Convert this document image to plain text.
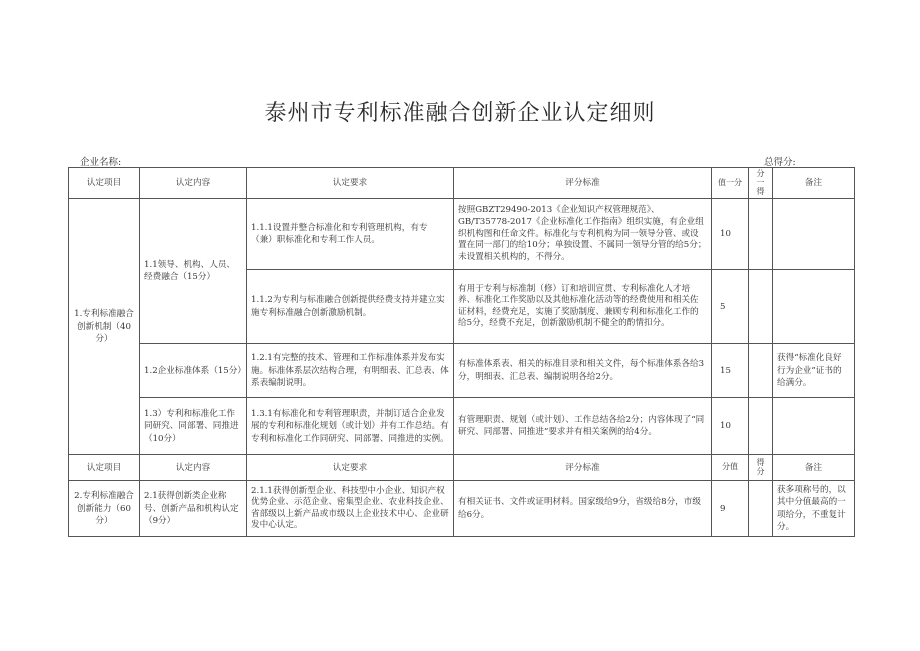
泰州市专利标准融合创新企业认定细则
企业名称:	总得分:
认定项目	认定内容	认定要求	评分标准	值一分	分一得	备注
1.专利标准融合创新机制（40分）	1.1领导、机构、人员、经费融合（15分）	1.1.1设置并整合标准化和专利管理机构，有专（兼）职标准化和专利工作人员。	按照GBZT29490-2013《企业知识产权管理规范》、GB/T35778-2017《企业标准化工作指南》组织实施，有企业组织机构图和任命文件。标准化与专利机构为同一领导分管、或设置在同一部门的给10分；单独设置、不属同一领导分管的给5分；未设置相关机构的，不得分。	10		
		1.1.2为专利与标准融合创新提供经费支持并建立实施专利标准融合创新激励机制。	有用于专利与标准制（修）订和培训宣贯、专利标准化人才培养、标准化工作奖励以及其他标准化活动等的经费使用和相关佐证材料，经费充足，实施了奖励制度、兼顾专利和标准化工作的给5分，经费不充足，创新激励机制不健全的酌情扣分。	5		
	1.2企业标准体系（15分）	1.2.1有完整的技术、管理和工作标准体系并发布实施。标准体系层次结构合理，有明细表、汇总表、体系表编制说明。	有标准体系表、相关的标准目录和相关文件，每个标准体系各给3分，明细表、汇总表、编制说明各给2分。	15		获得“标准化良好行为企业”证书的给满分。
	1.3）专利和标准化工作同研究、同部署、同推进（10分）	1.3.1有标准化和专利管理职责，并制订适合企业发展的专利和标准化规划（或计划）并有工作总结。有专利和标准化工作同研究、同部署、同推进的实例。	有管理职责、规划（或计划）、工作总结各给2分；内容体现了“同研究、同部署、同推进”要求并有相关案例的给4分。	10		
认定项目	认定内容	认定要求	评分标准	分值	得分	备注
2.专利标准融合创新能力（60分）	2.1获得创新类企业称号、创新产品和机构认定（9分）	2.1.1获得创新型企业、科技型中小企业、知识产权优势企业、示范企业、密集型企业、农业科技企业、省部级以上新产品或市级以上企业技术中心、企业研发中心认定。	有相关证书、文件或证明材料。国家级给9分，省级给8分，市级给6分。	9		获多项称号的，以其中分值最高的一项给分，不重复计分。
